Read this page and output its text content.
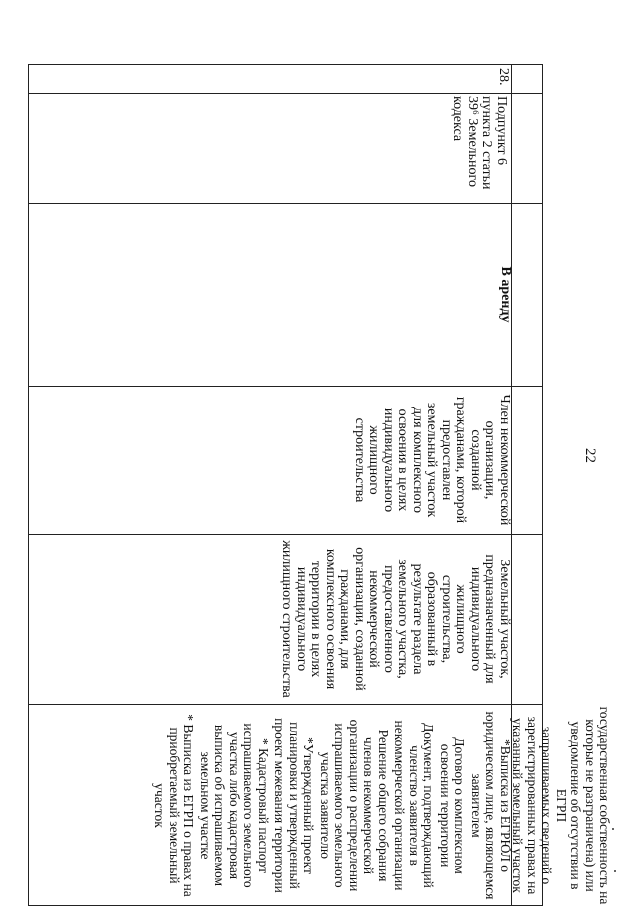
22
государственная собственность на
которые не разграничена) или
уведомление об отсутствии в ЕГРП
запрашиваемых сведений о
зарегистрированных правах на
указанный земельный участок
28.
Подпункт 6 пункта 2 статьи 39⁶ Земельного кодекса
В аренду
Член некоммерческой организации, созданной гражданами, которой предоставлен земельный участок для комплексного освоения в целях индивидуального жилищного строительства
Земельный участок, предназначенный для индивидуального жилищного строительства, образованный в результате раздела земельного участка, предоставленного некоммерческой организации, созданной гражданами, для комплексного освоения территории в целях индивидуального жилищного строительства
*Выписка из ЕГРЮЛ о юридическом лице, являющемся заявителем
Договор о комплексном освоении территории
Документ, подтверждающий членство заявителя в некоммерческой организации
Решение общего собрания членов некоммерческой организации о распределении испрашиваемого земельного участка заявителю
*Утвержденный проект планировки и утвержденный проект межевания территории
* Кадастровый паспорт испрашиваемого земельного участка либо кадастровая выписка об испрашиваемом земельном участке
* Выписка из ЕГРП о правах на приобретаемый земельный участок
